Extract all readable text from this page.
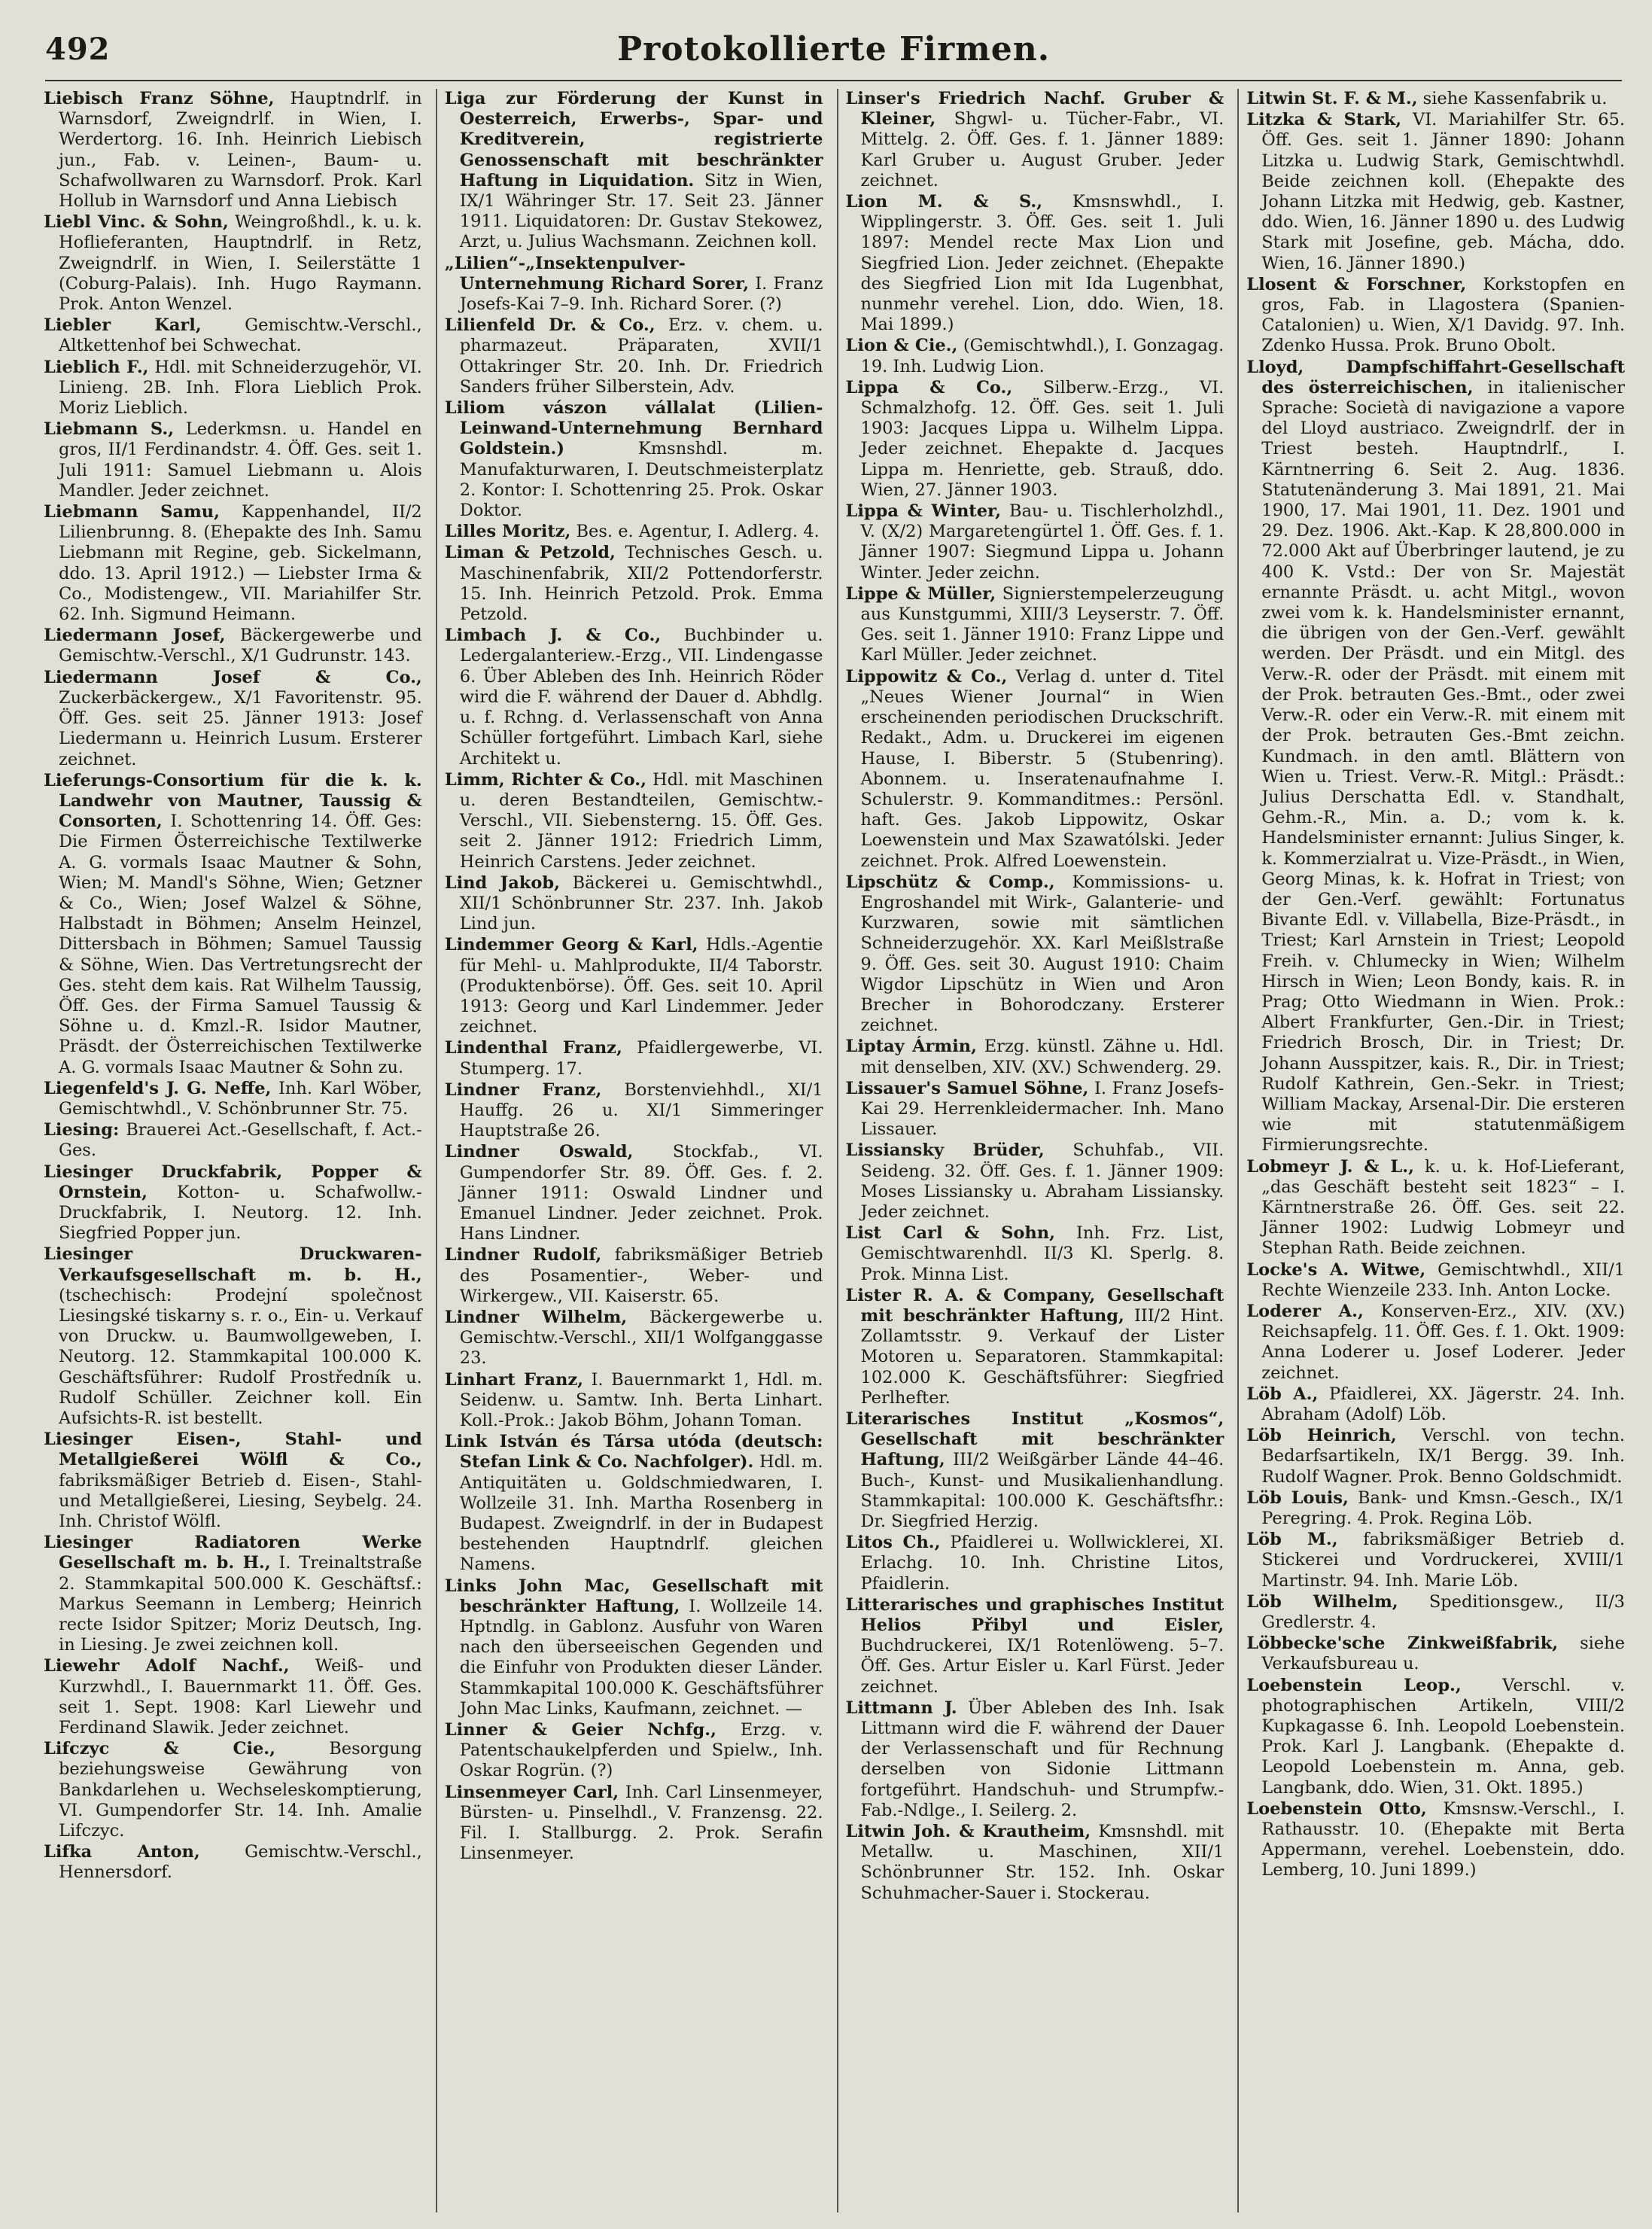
492	Protokollierte Firmen.

Liebisch Franz Söhne, Hauptndrlf. in Warnsdorf, Zweigndrlf. in Wien, I. Werdertorg. 16. Inh. Heinrich Liebisch jun., Fab. v. Leinen-, Baum- u. Schafwollwaren zu Warnsdorf. Prok. Karl Hollub in Warnsdorf und Anna Liebisch

Liebl Vinc. & Sohn, Weingroßhdl., k. u. k. Hoflieferanten, Hauptndrlf. in Retz, Zweigndrlf. in Wien, I. Seilerstätte 1 (Coburg-Palais). Inh. Hugo Raymann. Prok. Anton Wenzel.

Liebler Karl, Gemischtw.-Verschl., Altkettenhof bei Schwechat.

Lieblich F., Hdl. mit Schneiderzugehör, VI. Linieng. 2B. Inh. Flora Lieblich Prok. Moriz Lieblich.

Liebmann S., Lederkmsn. u. Handel en gros, II/1 Ferdinandstr. 4. Öff. Ges. seit 1. Juli 1911: Samuel Liebmann u. Alois Mandler. Jeder zeichnet.

Liebmann Samu, Kappenhandel, II/2 Lilienbrunng. 8. (Ehepakte des Inh. Samu Liebmann mit Regine, geb. Sickelmann, ddo. 13. April 1912.) — Liebster Irma & Co., Modistengew., VII. Mariahilfer Str. 62. Inh. Sigmund Heimann.

Liedermann Josef, Bäckergewerbe und Gemischtw.-Verschl., X/1 Gudrunstr. 143.

Liedermann Josef & Co., Zuckerbäckergew., X/1 Favoritenstr. 95. Öff. Ges. seit 25. Jänner 1913: Josef Liedermann u. Heinrich Lusum. Ersterer zeichnet.

Lieferungs-Consortium für die k. k. Landwehr von Mautner, Taussig & Consorten, I. Schottenring 14. Öff. Ges: Die Firmen Österreichische Textilwerke A. G. vormals Isaac Mautner & Sohn, Wien; M. Mandl's Söhne, Wien; Getzner & Co., Wien; Josef Walzel & Söhne, Halbstadt in Böhmen; Anselm Heinzel, Dittersbach in Böhmen; Samuel Taussig & Söhne, Wien. Das Vertretungsrecht der Ges. steht dem kais. Rat Wilhelm Taussig, Öff. Ges. der Firma Samuel Taussig & Söhne u. d. Kmzl.-R. Isidor Mautner, Präsdt. der Österreichischen Textilwerke A. G. vormals Isaac Mautner & Sohn zu.

Liegenfeld's J. G. Neffe, Inh. Karl Wöber, Gemischtwhdl., V. Schönbrunner Str. 75.

Liesing: Brauerei Act.-Gesellschaft, f. Act.-Ges.

Liesinger Druckfabrik, Popper & Ornstein, Kotton- u. Schafwollw.-Druckfabrik, I. Neutorg. 12. Inh. Siegfried Popper jun.

Liesinger Druckwaren-Verkaufsgesellschaft m. b. H., (tschechisch: Prodejní společnost Liesingské tiskarny s. r. o., Ein- u. Verkauf von Druckw. u. Baumwollgeweben, I. Neutorg. 12. Stammkapital 100.000 K. Geschäftsführer: Rudolf Prostředník u. Rudolf Schüller. Zeichner koll. Ein Aufsichts-R. ist bestellt.

Liesinger Eisen-, Stahl- und Metallgießerei Wölfl & Co., fabriksmäßiger Betrieb d. Eisen-, Stahl- und Metallgießerei, Liesing, Seybelg. 24. Inh. Christof Wölfl.

Liesinger Radiatoren Werke Gesellschaft m. b. H., I. Treinaltstraße 2. Stammkapital 500.000 K. Geschäftsf.: Markus Seemann in Lemberg; Heinrich recte Isidor Spitzer; Moriz Deutsch, Ing. in Liesing. Je zwei zeichnen koll.

Liewehr Adolf Nachf., Weiß- und Kurzwhdl., I. Bauernmarkt 11. Öff. Ges. seit 1. Sept. 1908: Karl Liewehr und Ferdinand Slawik. Jeder zeichnet.

Lifczyc & Cie., Besorgung beziehungsweise Gewährung von Bankdarlehen u. Wechseleskomptierung, VI. Gumpendorfer Str. 14. Inh. Amalie Lifczyc.

Lifka Anton, Gemischtw.-Verschl., Hennersdorf.

Liga zur Förderung der Kunst in Oesterreich, Erwerbs-, Spar- und Kreditverein, registrierte Genossenschaft mit beschränkter Haftung in Liquidation. Sitz in Wien, IX/1 Währinger Str. 17. Seit 23. Jänner 1911. Liquidatoren: Dr. Gustav Stekowez, Arzt, u. Julius Wachsmann. Zeichnen koll.

„Lilien“-„Insektenpulver-Unternehmung Richard Sorer, I. Franz Josefs-Kai 7–9. Inh. Richard Sorer. (?)

Lilienfeld Dr. & Co., Erz. v. chem. u. pharmazeut. Präparaten, XVII/1 Ottakringer Str. 20. Inh. Dr. Friedrich Sanders früher Silberstein, Adv.

Liliom vászon vállalat (Lilien-Leinwand-Unternehmung Bernhard Goldstein.) Kmsnshdl. m. Manufakturwaren, I. Deutschmeisterplatz 2. Kontor: I. Schottenring 25. Prok. Oskar Doktor.

Lilles Moritz, Bes. e. Agentur, I. Adlerg. 4.

Liman & Petzold, Technisches Gesch. u. Maschinenfabrik, XII/2 Pottendorferstr. 15. Inh. Heinrich Petzold. Prok. Emma Petzold.

Limbach J. & Co., Buchbinder u. Ledergalanteriew.-Erzg., VII. Lindengasse 6. Über Ableben des Inh. Heinrich Röder wird die F. während der Dauer d. Abhdlg. u. f. Rchng. d. Verlassenschaft von Anna Schüller fortgeführt. Limbach Karl, siehe Architekt u.

Limm, Richter & Co., Hdl. mit Maschinen u. deren Bestandteilen, Gemischtw.-Verschl., VII. Siebensterng. 15. Öff. Ges. seit 2. Jänner 1912: Friedrich Limm, Heinrich Carstens. Jeder zeichnet.

Lind Jakob, Bäckerei u. Gemischtwhdl., XII/1 Schönbrunner Str. 237. Inh. Jakob Lind jun.

Lindemmer Georg & Karl, Hdls.-Agentie für Mehl- u. Mahlprodukte, II/4 Taborstr. (Produktenbörse). Öff. Ges. seit 10. April 1913: Georg und Karl Lindemmer. Jeder zeichnet.

Lindenthal Franz, Pfaidlergewerbe, VI. Stumperg. 17.

Lindner Franz, Borstenviehhdl., XI/1 Hauffg. 26 u. XI/1 Simmeringer Hauptstraße 26.

Lindner Oswald, Stockfab., VI. Gumpendorfer Str. 89. Öff. Ges. f. 2. Jänner 1911: Oswald Lindner und Emanuel Lindner. Jeder zeichnet. Prok. Hans Lindner.

Lindner Rudolf, fabriksmäßiger Betrieb des Posamentier-, Weber- und Wirkergew., VII. Kaiserstr. 65.

Lindner Wilhelm, Bäckergewerbe u. Gemischtw.-Verschl., XII/1 Wolfganggasse 23.

Linhart Franz, I. Bauernmarkt 1, Hdl. m. Seidenw. u. Samtw. Inh. Berta Linhart. Koll.-Prok.: Jakob Böhm, Johann Toman.

Link István és Társa utóda (deutsch: Stefan Link & Co. Nachfolger). Hdl. m. Antiquitäten u. Goldschmiedwaren, I. Wollzeile 31. Inh. Martha Rosenberg in Budapest. Zweigndrlf. in der in Budapest bestehenden Hauptndrlf. gleichen Namens.

Links John Mac, Gesellschaft mit beschränkter Haftung, I. Wollzeile 14. Hptndlg. in Gablonz. Ausfuhr von Waren nach den überseeischen Gegenden und die Einfuhr von Produkten dieser Länder. Stammkapital 100.000 K. Geschäftsführer John Mac Links, Kaufmann, zeichnet. —

Linner & Geier Nchfg., Erzg. v. Patentschaukelpferden und Spielw., Inh. Oskar Rogrün. (?)

Linsenmeyer Carl, Inh. Carl Linsenmeyer, Bürsten- u. Pinselhdl., V. Franzensg. 22. Fil. I. Stallburgg. 2. Prok. Serafin Linsenmeyer.

Linser's Friedrich Nachf. Gruber & Kleiner, Shgwl- u. Tücher-Fabr., VI. Mittelg. 2. Öff. Ges. f. 1. Jänner 1889: Karl Gruber u. August Gruber. Jeder zeichnet.

Lion M. & S., Kmsnswhdl., I. Wipplingerstr. 3. Öff. Ges. seit 1. Juli 1897: Mendel recte Max Lion und Siegfried Lion. Jeder zeichnet. (Ehepakte des Siegfried Lion mit Ida Lugenbhat, nunmehr verehel. Lion, ddo. Wien, 18. Mai 1899.)

Lion & Cie., (Gemischtwhdl.), I. Gonzagag. 19. Inh. Ludwig Lion.

Lippa & Co., Silberw.-Erzg., VI. Schmalzhofg. 12. Öff. Ges. seit 1. Juli 1903: Jacques Lippa u. Wilhelm Lippa. Jeder zeichnet. Ehepakte d. Jacques Lippa m. Henriette, geb. Strauß, ddo. Wien, 27. Jänner 1903.

Lippa & Winter, Bau- u. Tischlerholzhdl., V. (X/2) Margaretengürtel 1. Öff. Ges. f. 1. Jänner 1907: Siegmund Lippa u. Johann Winter. Jeder zeichn.

Lippe & Müller, Signierstempelerzeugung aus Kunstgummi, XIII/3 Leyserstr. 7. Öff. Ges. seit 1. Jänner 1910: Franz Lippe und Karl Müller. Jeder zeichnet.

Lippowitz & Co., Verlag d. unter d. Titel „Neues Wiener Journal“ in Wien erscheinenden periodischen Druckschrift. Redakt., Adm. u. Druckerei im eigenen Hause, I. Biberstr. 5 (Stubenring). Abonnem. u. Inseratenaufnahme I. Schulerstr. 9. Kommanditmes.: Persönl. haft. Ges. Jakob Lippowitz, Oskar Loewenstein und Max Szawatólski. Jeder zeichnet. Prok. Alfred Loewenstein.

Lipschütz & Comp., Kommissions- u. Engroshandel mit Wirk-, Galanterie- und Kurzwaren, sowie mit sämtlichen Schneiderzugehör. XX. Karl Meißlstraße 9. Öff. Ges. seit 30. August 1910: Chaim Wigdor Lipschütz in Wien und Aron Brecher in Bohorodczany. Ersterer zeichnet.

Liptay Ármin, Erzg. künstl. Zähne u. Hdl. mit denselben, XIV. (XV.) Schwenderg. 29.

Lissauer's Samuel Söhne, I. Franz Josefs-Kai 29. Herrenkleidermacher. Inh. Mano Lissauer.

Lissiansky Brüder, Schuhfab., VII. Seideng. 32. Öff. Ges. f. 1. Jänner 1909: Moses Lissiansky u. Abraham Lissiansky. Jeder zeichnet.

List Carl & Sohn, Inh. Frz. List, Gemischtwarenhdl. II/3 Kl. Sperlg. 8. Prok. Minna List.

Lister R. A. & Company, Gesellschaft mit beschränkter Haftung, III/2 Hint. Zollamtsstr. 9. Verkauf der Lister Motoren u. Separatoren. Stammkapital: 102.000 K. Geschäftsführer: Siegfried Perlhefter.

Literarisches Institut „Kosmos“, Gesellschaft mit beschränkter Haftung, III/2 Weißgärber Lände 44–46. Buch-, Kunst- und Musikalienhandlung. Stammkapital: 100.000 K. Geschäftsfhr.: Dr. Siegfried Herzig.

Litos Ch., Pfaidlerei u. Wollwicklerei, XI. Erlachg. 10. Inh. Christine Litos, Pfaidlerin.

Litterarisches und graphisches Institut Helios Přibyl und Eisler, Buchdruckerei, IX/1 Rotenlöweng. 5–7. Öff. Ges. Artur Eisler u. Karl Fürst. Jeder zeichnet.

Littmann J. Über Ableben des Inh. Isak Littmann wird die F. während der Dauer der Verlassenschaft und für Rechnung derselben von Sidonie Littmann fortgeführt. Handschuh- und Strumpfw.-Fab.-Ndlge., I. Seilerg. 2.

Litwin Joh. & Krautheim, Kmsnshdl. mit Metallw. u. Maschinen, XII/1 Schönbrunner Str. 152. Inh. Oskar Schuhmacher-Sauer i. Stockerau.

Litwin St. F. & M., siehe Kassenfabrik u.

Litzka & Stark, VI. Mariahilfer Str. 65. Öff. Ges. seit 1. Jänner 1890: Johann Litzka u. Ludwig Stark, Gemischtwhdl. Beide zeichnen koll. (Ehepakte des Johann Litzka mit Hedwig, geb. Kastner, ddo. Wien, 16. Jänner 1890 u. des Ludwig Stark mit Josefine, geb. Mácha, ddo. Wien, 16. Jänner 1890.)

Llosent & Forschner, Korkstopfen en gros, Fab. in Llagostera (Spanien-Catalonien) u. Wien, X/1 Davidg. 97. Inh. Zdenko Hussa. Prok. Bruno Obolt.

Lloyd, Dampfschiffahrt-Gesellschaft des österreichischen, in italienischer Sprache: Società di navigazione a vapore del Lloyd austriaco. Zweigndrlf. der in Triest besteh. Hauptndrlf., I. Kärntnerring 6. Seit 2. Aug. 1836. Statutenänderung 3. Mai 1891, 21. Mai 1900, 17. Mai 1901, 11. Dez. 1901 und 29. Dez. 1906. Akt.-Kap. K 28,800.000 in 72.000 Akt auf Überbringer lautend, je zu 400 K. Vstd.: Der von Sr. Majestät ernannte Präsdt. u. acht Mitgl., wovon zwei vom k. k. Handelsminister ernannt, die übrigen von der Gen.-Verf. gewählt werden. Der Präsdt. und ein Mitgl. des Verw.-R. oder der Präsdt. mit einem mit der Prok. betrauten Ges.-Bmt., oder zwei Verw.-R. oder ein Verw.-R. mit einem mit der Prok. betrauten Ges.-Bmt zeichn. Kundmach. in den amtl. Blättern von Wien u. Triest. Verw.-R. Mitgl.: Präsdt.: Julius Derschatta Edl. v. Standhalt, Gehm.-R., Min. a. D.; vom k. k. Handelsminister ernannt: Julius Singer, k. k. Kommerzialrat u. Vize-Präsdt., in Wien, Georg Minas, k. k. Hofrat in Triest; von der Gen.-Verf. gewählt: Fortunatus Bivante Edl. v. Villabella, Bize-Präsdt., in Triest; Karl Arnstein in Triest; Leopold Freih. v. Chlumecky in Wien; Wilhelm Hirsch in Wien; Leon Bondy, kais. R. in Prag; Otto Wiedmann in Wien. Prok.: Albert Frankfurter, Gen.-Dir. in Triest; Friedrich Brosch, Dir. in Triest; Dr. Johann Ausspitzer, kais. R., Dir. in Triest; Rudolf Kathrein, Gen.-Sekr. in Triest; William Mackay, Arsenal-Dir. Die ersteren wie mit statutenmäßigem Firmierungsrechte.

Lobmeyr J. & L., k. u. k. Hof-Lieferant, „das Geschäft besteht seit 1823“ – I. Kärntnerstraße 26. Öff. Ges. seit 22. Jänner 1902: Ludwig Lobmeyr und Stephan Rath. Beide zeichnen.

Locke's A. Witwe, Gemischtwhdl., XII/1 Rechte Wienzeile 233. Inh. Anton Locke.

Loderer A., Konserven-Erz., XIV. (XV.) Reichsapfelg. 11. Öff. Ges. f. 1. Okt. 1909: Anna Loderer u. Josef Loderer. Jeder zeichnet.

Löb A., Pfaidlerei, XX. Jägerstr. 24. Inh. Abraham (Adolf) Löb.

Löb Heinrich, Verschl. von techn. Bedarfsartikeln, IX/1 Bergg. 39. Inh. Rudolf Wagner. Prok. Benno Goldschmidt.

Löb Louis, Bank- und Kmsn.-Gesch., IX/1 Peregring. 4. Prok. Regina Löb.

Löb M., fabriksmäßiger Betrieb d. Stickerei und Vordruckerei, XVIII/1 Martinstr. 94. Inh. Marie Löb.

Löb Wilhelm, Speditionsgew., II/3 Gredlerstr. 4.

Löbbecke'sche Zinkweißfabrik, siehe Verkaufsbureau u.

Loebenstein Leop., Verschl. v. photographischen Artikeln, VIII/2 Kupkagasse 6. Inh. Leopold Loebenstein. Prok. Karl J. Langbank. (Ehepakte d. Leopold Loebenstein m. Anna, geb. Langbank, ddo. Wien, 31. Okt. 1895.)

Loebenstein Otto, Kmsnsw.-Verschl., I. Rathausstr. 10. (Ehepakte mit Berta Appermann, verehel. Loebenstein, ddo. Lemberg, 10. Juni 1899.)
